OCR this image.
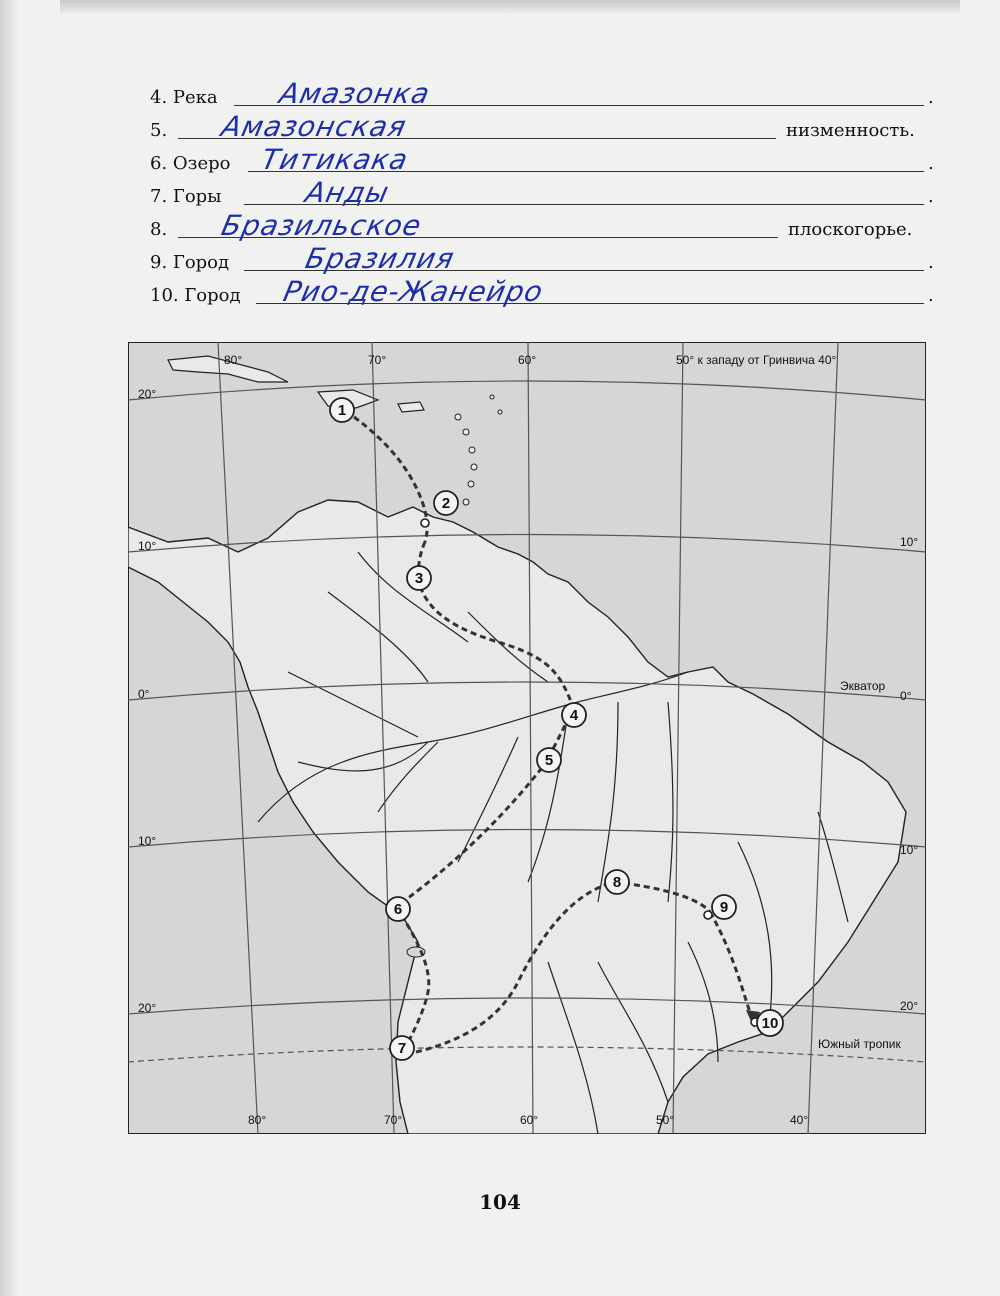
4. Река Амазонка	.
5. Амазонская	низменность.
6. Озеро Титикака	.
7. Горы	Анды	.
8. Бразильское	плоскогорье.
9. Город	Бразилия	.
10. Город Рио-де-Жанейро	.
80°	70°	60°	50° к западу от Гринвича 40°
20°
10°
0°
10°
20°
10°
0°
10°
20°
Экватор
Южный тропик
80°	70°	60°	50°	40°
1
2
3
4
5
6
7
8
9
10
104
